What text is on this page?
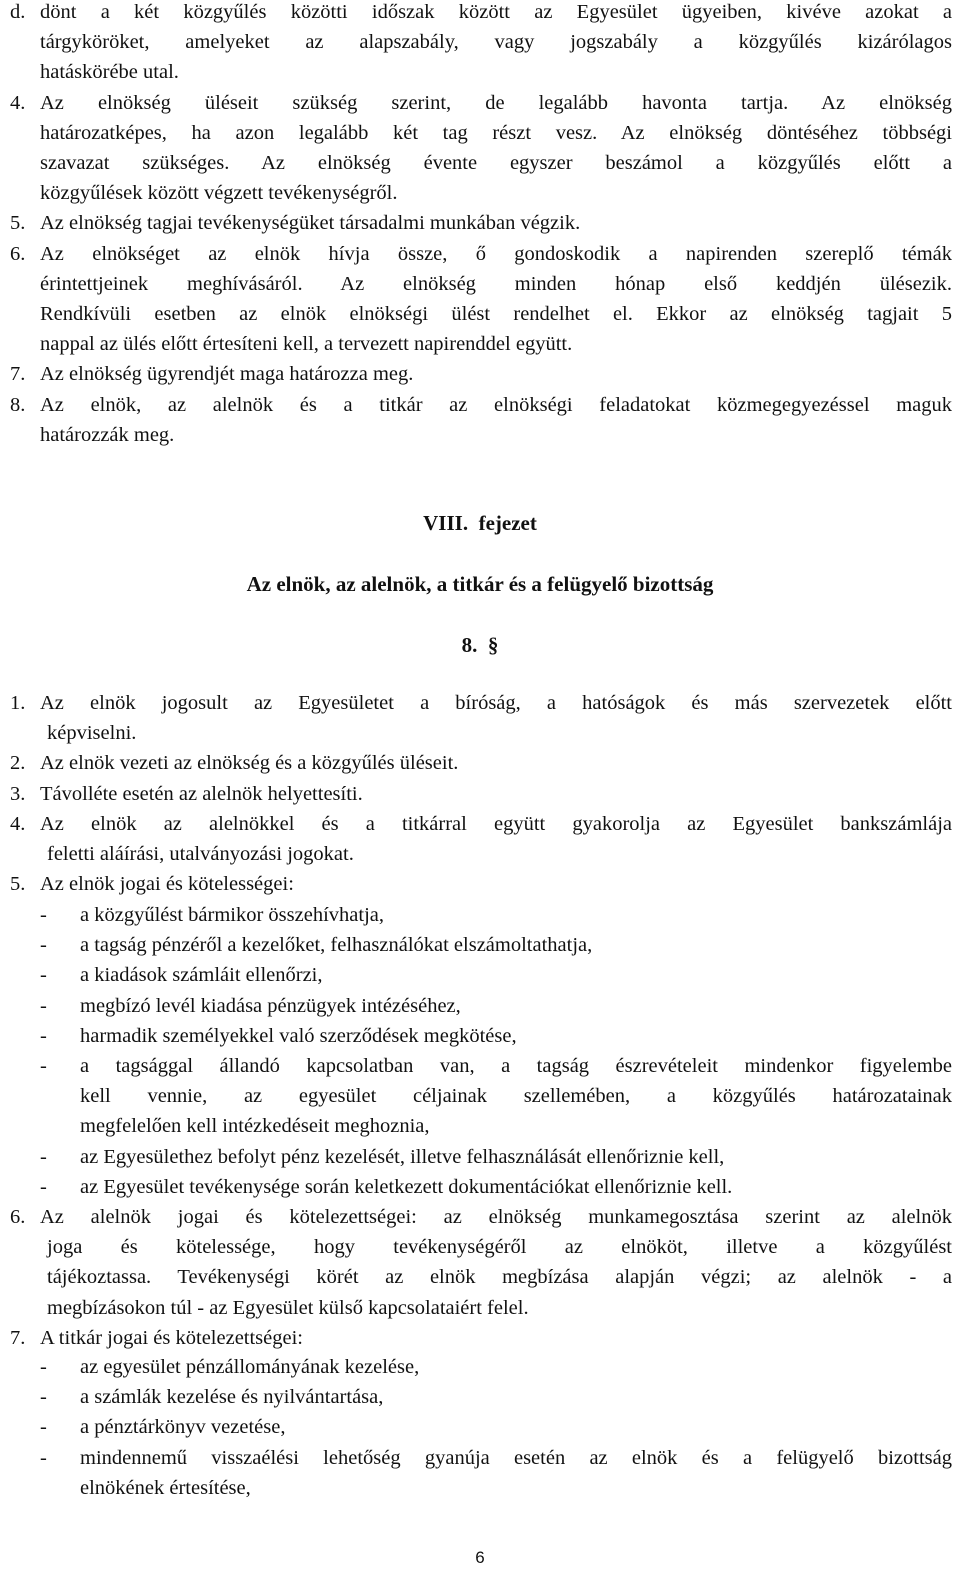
d. dönt a két közgyűlés közötti időszak között az Egyesület ügyeiben, kivéve azokat a
tárgyköröket, amelyeket az alapszabály, vagy jogszabály a közgyűlés kizárólagos
hatáskörébe utal.
4. Az elnökség üléseit szükség szerint, de legalább havonta tartja. Az elnökség
határozatképes, ha azon legalább két tag részt vesz. Az elnökség döntéséhez többségi
szavazat szükséges. Az elnökség évente egyszer beszámol a közgyűlés előtt a
közgyűlések között végzett tevékenységről.
5. Az elnökség tagjai tevékenységüket társadalmi munkában végzik.
6. Az elnökséget az elnök hívja össze, ő gondoskodik a napirenden szereplő témák
érintettjeinek meghívásáról. Az elnökség minden hónap első keddjén ülésezik.
Rendkívüli esetben az elnök elnökségi ülést rendelhet el. Ekkor az elnökség tagjait 5
nappal az ülés előtt értesíteni kell, a tervezett napirenddel együtt.
7. Az elnökség ügyrendjét maga határozza meg.
8. Az elnök, az alelnök és a titkár az elnökségi feladatokat közmegegyezéssel maguk
határozzák meg.
VIII.  fejezet
Az elnök, az alelnök, a titkár és a felügyelő bizottság
8.  §
1. Az elnök jogosult az Egyesületet a bíróság, a hatóságok és más szervezetek előtt
képviselni.
2. Az elnök vezeti az elnökség és a közgyűlés üléseit.
3. Távolléte esetén az alelnök helyettesíti.
4. Az elnök az alelnökkel és a titkárral együtt gyakorolja az Egyesület bankszámlája
feletti aláírási, utalványozási jogokat.
5. Az elnök jogai és kötelességei:
- a közgyűlést bármikor összehívhatja,
- a tagság pénzéről a kezelőket, felhasználókat elszámoltathatja,
- a kiadások számláit ellenőrzi,
- megbízó levél kiadása pénzügyek intézéséhez,
- harmadik személyekkel való szerződések megkötése,
- a tagsággal állandó kapcsolatban van, a tagság észrevételeit mindenkor figyelembe
kell vennie, az egyesület céljainak szellemében, a közgyűlés határozatainak
megfelelően kell intézkedéseit meghoznia,
- az Egyesülethez befolyt pénz kezelését, illetve felhasználását ellenőriznie kell,
- az Egyesület tevékenysége során keletkezett dokumentációkat ellenőriznie kell.
6. Az alelnök jogai és kötelezettségei: az elnökség munkamegosztása szerint az alelnök
joga és kötelessége, hogy tevékenységéről az elnököt, illetve a közgyűlést
tájékoztassa. Tevékenységi körét az elnök megbízása alapján végzi; az alelnök - a
megbízásokon túl - az Egyesület külső kapcsolataiért felel.
7. A titkár jogai és kötelezettségei:
- az egyesület pénzállományának kezelése,
- a számlák kezelése és nyilvántartása,
- a pénztárkönyv vezetése,
- mindennemű visszaélési lehetőség gyanúja esetén az elnök és a felügyelő bizottság
elnökének értesítése,
6
